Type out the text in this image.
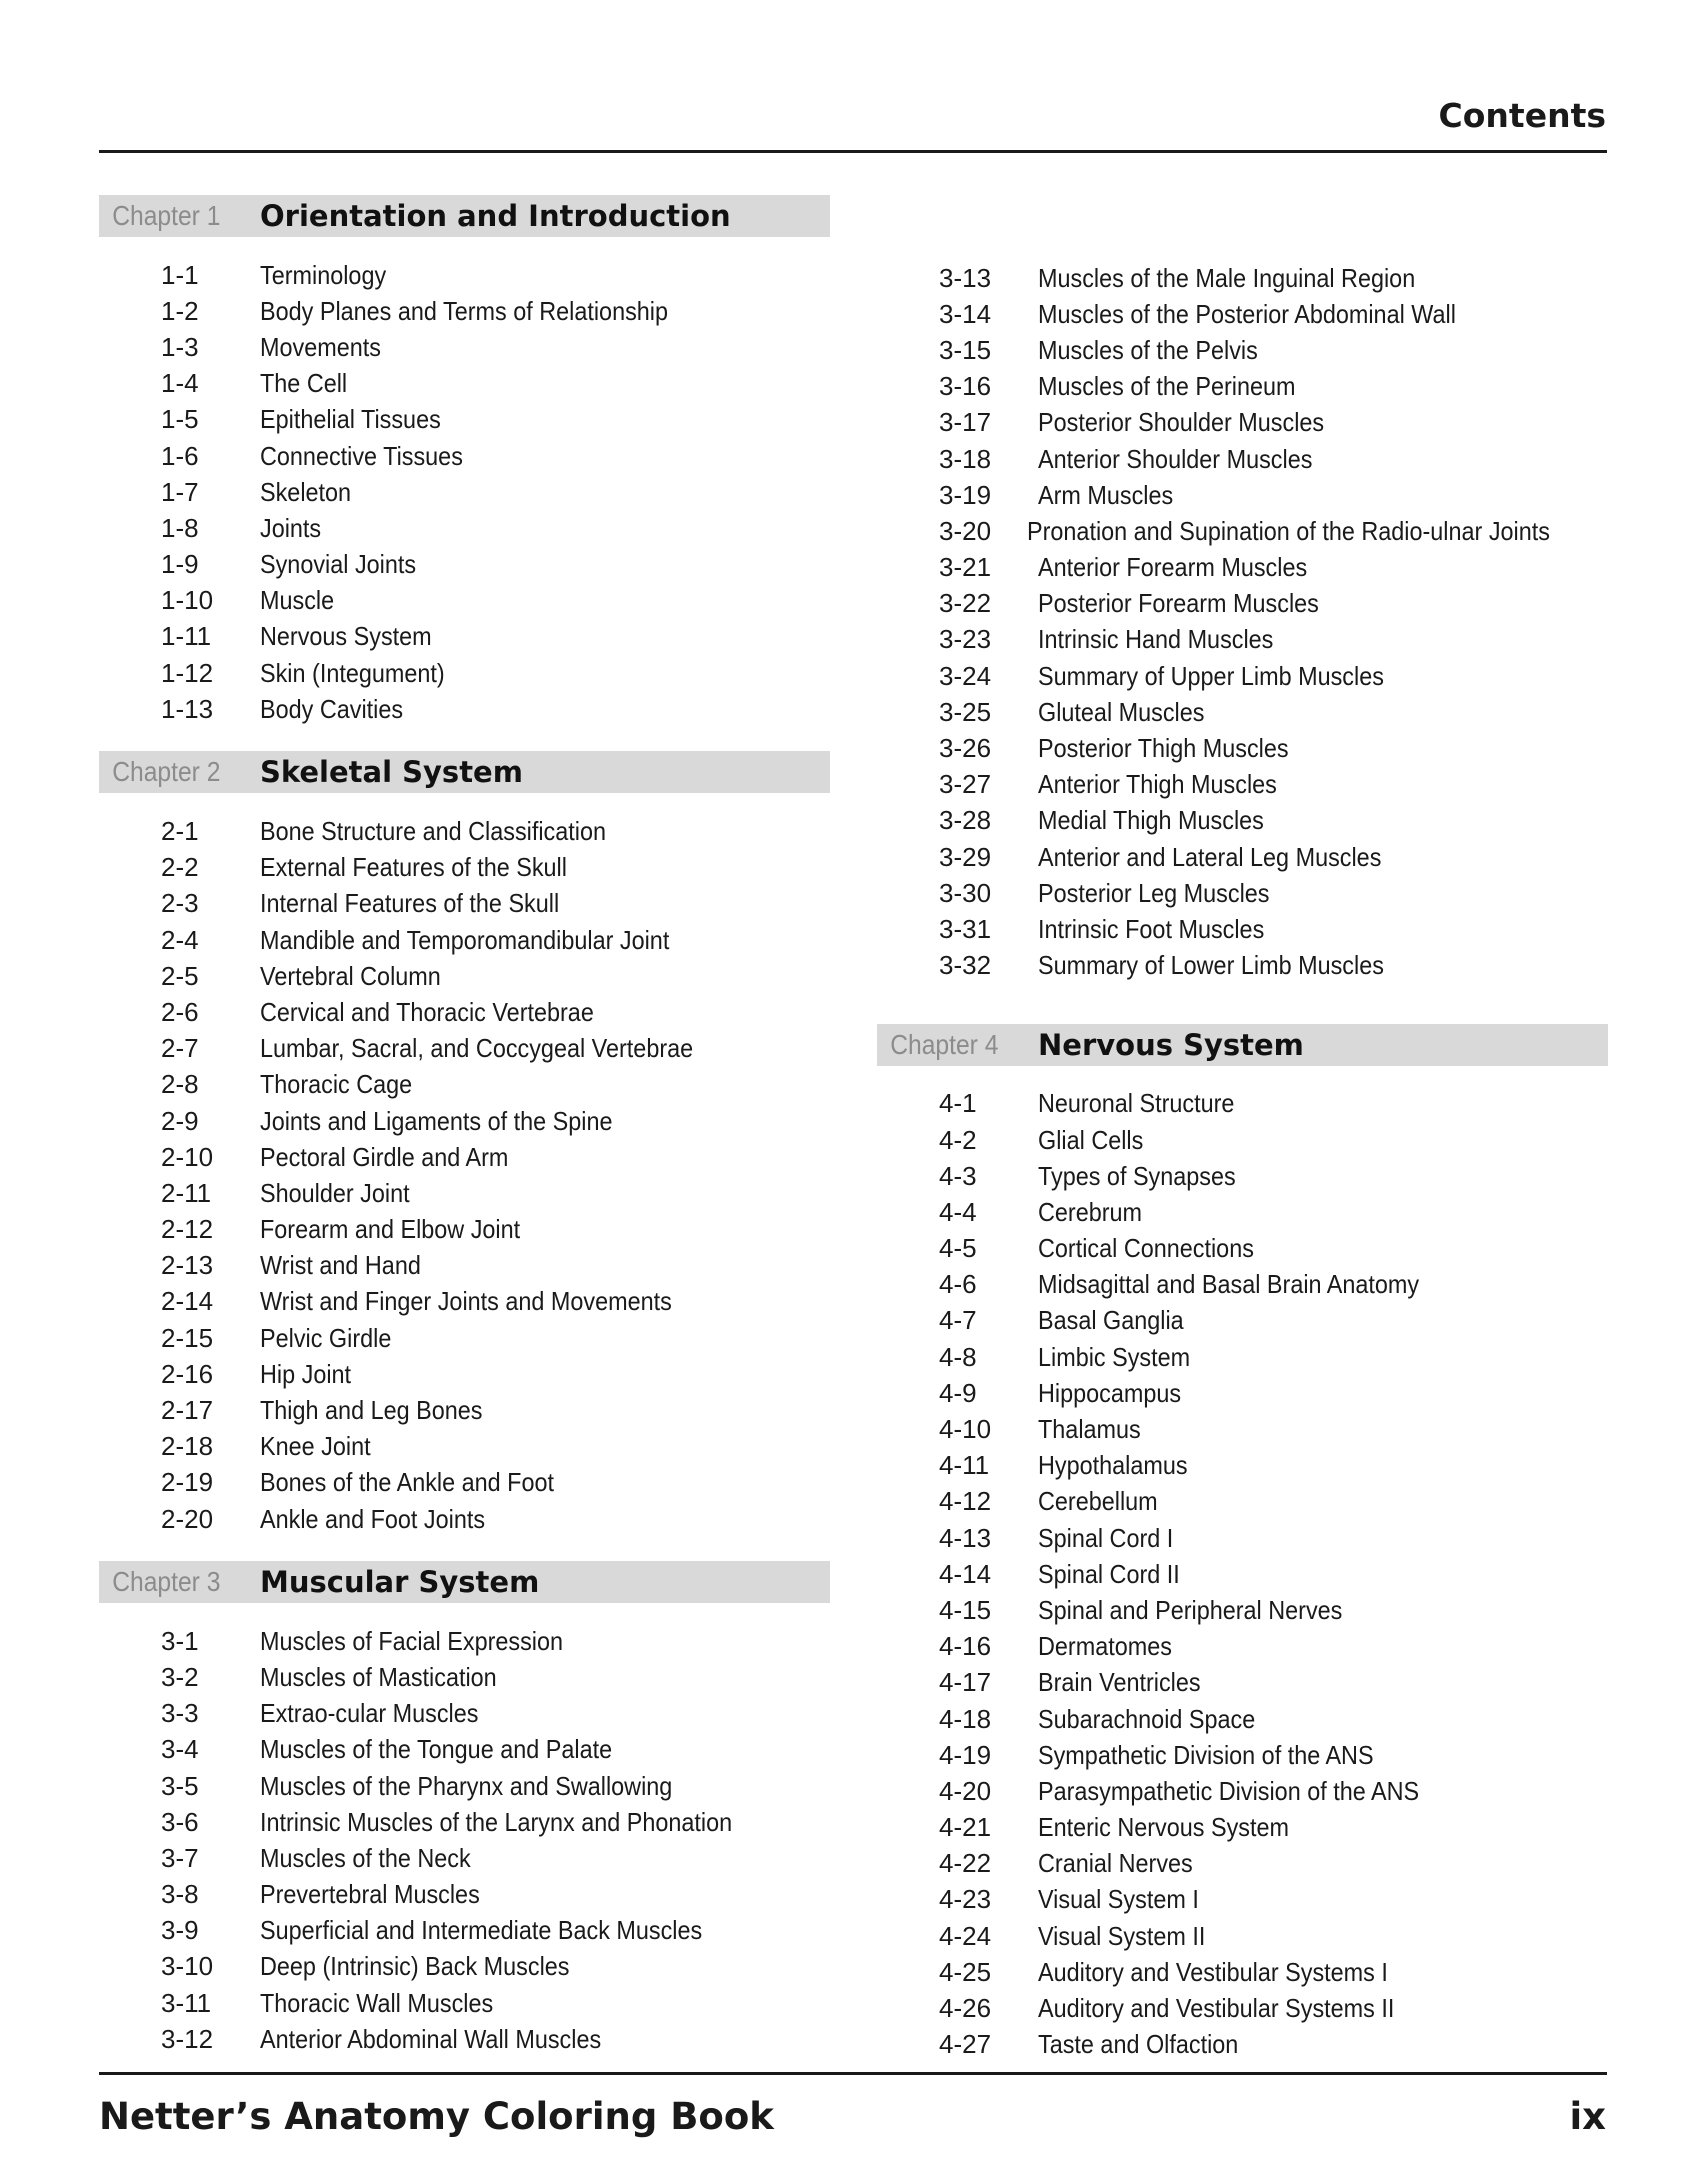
Contents
Chapter 1	Orientation and Introduction
1-1	Terminology
1-2	Body Planes and Terms of Relationship
1-3	Movements
1-4	The Cell
1-5	Epithelial Tissues
1-6	Connective Tissues
1-7	Skeleton
1-8	Joints
1-9	Synovial Joints
1-10	Muscle
1-11	Nervous System
1-12	Skin (Integument)
1-13	Body Cavities
Chapter 2	Skeletal System
2-1	Bone Structure and Classification
2-2	External Features of the Skull
2-3	Internal Features of the Skull
2-4	Mandible and Temporomandibular Joint
2-5	Vertebral Column
2-6	Cervical and Thoracic Vertebrae
2-7	Lumbar, Sacral, and Coccygeal Vertebrae
2-8	Thoracic Cage
2-9	Joints and Ligaments of the Spine
2-10	Pectoral Girdle and Arm
2-11	Shoulder Joint
2-12	Forearm and Elbow Joint
2-13	Wrist and Hand
2-14	Wrist and Finger Joints and Movements
2-15	Pelvic Girdle
2-16	Hip Joint
2-17	Thigh and Leg Bones
2-18	Knee Joint
2-19	Bones of the Ankle and Foot
2-20	Ankle and Foot Joints
Chapter 3	Muscular System
3-1	Muscles of Facial Expression
3-2	Muscles of Mastication
3-3	Extrao-cular Muscles
3-4	Muscles of the Tongue and Palate
3-5	Muscles of the Pharynx and Swallowing
3-6	Intrinsic Muscles of the Larynx and Phonation
3-7	Muscles of the Neck
3-8	Prevertebral Muscles
3-9	Superficial and Intermediate Back Muscles
3-10	Deep (Intrinsic) Back Muscles
3-11	Thoracic Wall Muscles
3-12	Anterior Abdominal Wall Muscles
3-13	Muscles of the Male Inguinal Region
3-14	Muscles of the Posterior Abdominal Wall
3-15	Muscles of the Pelvis
3-16	Muscles of the Perineum
3-17	Posterior Shoulder Muscles
3-18	Anterior Shoulder Muscles
3-19	Arm Muscles
3-20	Pronation and Supination of the Radio-ulnar Joints
3-21	Anterior Forearm Muscles
3-22	Posterior Forearm Muscles
3-23	Intrinsic Hand Muscles
3-24	Summary of Upper Limb Muscles
3-25	Gluteal Muscles
3-26	Posterior Thigh Muscles
3-27	Anterior Thigh Muscles
3-28	Medial Thigh Muscles
3-29	Anterior and Lateral Leg Muscles
3-30	Posterior Leg Muscles
3-31	Intrinsic Foot Muscles
3-32	Summary of Lower Limb Muscles
Chapter 4	Nervous System
4-1	Neuronal Structure
4-2	Glial Cells
4-3	Types of Synapses
4-4	Cerebrum
4-5	Cortical Connections
4-6	Midsagittal and Basal Brain Anatomy
4-7	Basal Ganglia
4-8	Limbic System
4-9	Hippocampus
4-10	Thalamus
4-11	Hypothalamus
4-12	Cerebellum
4-13	Spinal Cord I
4-14	Spinal Cord II
4-15	Spinal and Peripheral Nerves
4-16	Dermatomes
4-17	Brain Ventricles
4-18	Subarachnoid Space
4-19	Sympathetic Division of the ANS
4-20	Parasympathetic Division of the ANS
4-21	Enteric Nervous System
4-22	Cranial Nerves
4-23	Visual System I
4-24	Visual System II
4-25	Auditory and Vestibular Systems I
4-26	Auditory and Vestibular Systems II
4-27	Taste and Olfaction
Netter’s Anatomy Coloring Book	ix
